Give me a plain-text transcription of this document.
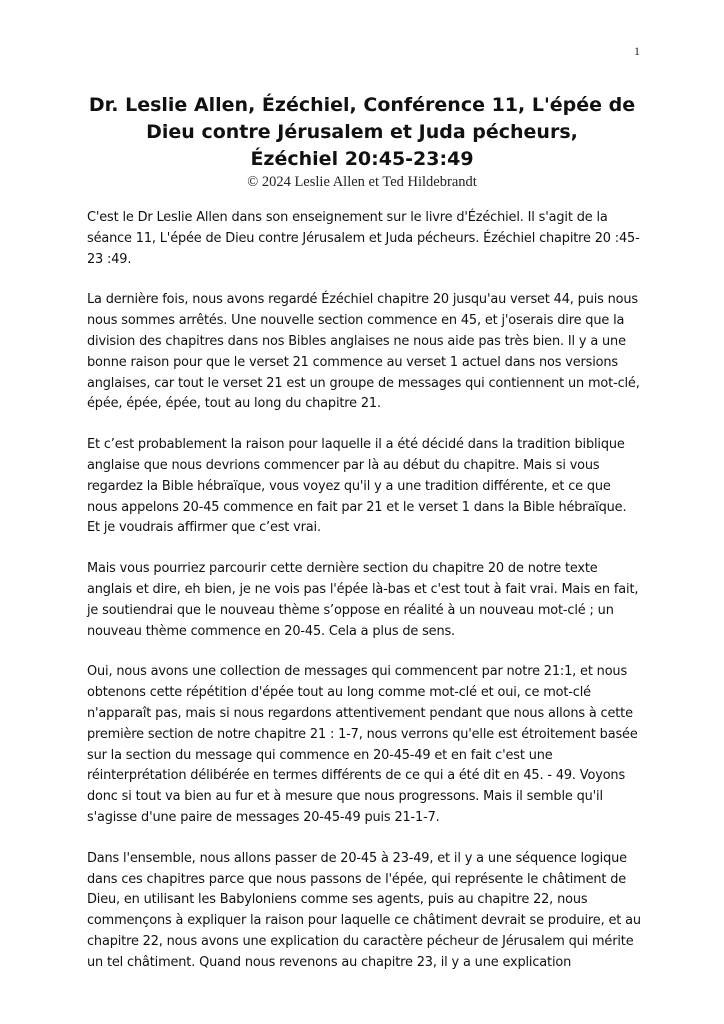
1
Dr. Leslie Allen, Ézéchiel, Conférence 11, L'épée de
Dieu contre Jérusalem et Juda pécheurs,
Ézéchiel 20:45-23:49
© 2024 Leslie Allen et Ted Hildebrandt

C'est le Dr Leslie Allen dans son enseignement sur le livre d'Ézéchiel. Il s'agit de la séance 11, L'épée de Dieu contre Jérusalem et Juda pécheurs. Ézéchiel chapitre 20 :45-23 :49.

La dernière fois, nous avons regardé Ézéchiel chapitre 20 jusqu'au verset 44, puis nous nous sommes arrêtés. Une nouvelle section commence en 45, et j'oserais dire que la division des chapitres dans nos Bibles anglaises ne nous aide pas très bien. Il y a une bonne raison pour que le verset 21 commence au verset 1 actuel dans nos versions anglaises, car tout le verset 21 est un groupe de messages qui contiennent un mot-clé, épée, épée, épée, tout au long du chapitre 21.

Et c’est probablement la raison pour laquelle il a été décidé dans la tradition biblique anglaise que nous devrions commencer par là au début du chapitre. Mais si vous regardez la Bible hébraïque, vous voyez qu'il y a une tradition différente, et ce que nous appelons 20-45 commence en fait par 21 et le verset 1 dans la Bible hébraïque. Et je voudrais affirmer que c’est vrai.

Mais vous pourriez parcourir cette dernière section du chapitre 20 de notre texte anglais et dire, eh bien, je ne vois pas l'épée là-bas et c'est tout à fait vrai. Mais en fait, je soutiendrai que le nouveau thème s’oppose en réalité à un nouveau mot-clé ; un nouveau thème commence en 20-45. Cela a plus de sens.

Oui, nous avons une collection de messages qui commencent par notre 21:1, et nous obtenons cette répétition d'épée tout au long comme mot-clé et oui, ce mot-clé n'apparaît pas, mais si nous regardons attentivement pendant que nous allons à cette première section de notre chapitre 21 : 1-7, nous verrons qu'elle est étroitement basée sur la section du message qui commence en 20-45-49 et en fait c'est une réinterprétation délibérée en termes différents de ce qui a été dit en 45. - 49. Voyons donc si tout va bien au fur et à mesure que nous progressons. Mais il semble qu'il s'agisse d'une paire de messages 20-45-49 puis 21-1-7.

Dans l'ensemble, nous allons passer de 20-45 à 23-49, et il y a une séquence logique dans ces chapitres parce que nous passons de l'épée, qui représente le châtiment de Dieu, en utilisant les Babyloniens comme ses agents, puis au chapitre 22, nous commençons à expliquer la raison pour laquelle ce châtiment devrait se produire, et au chapitre 22, nous avons une explication du caractère pécheur de Jérusalem qui mérite un tel châtiment. Quand nous revenons au chapitre 23, il y a une explication
